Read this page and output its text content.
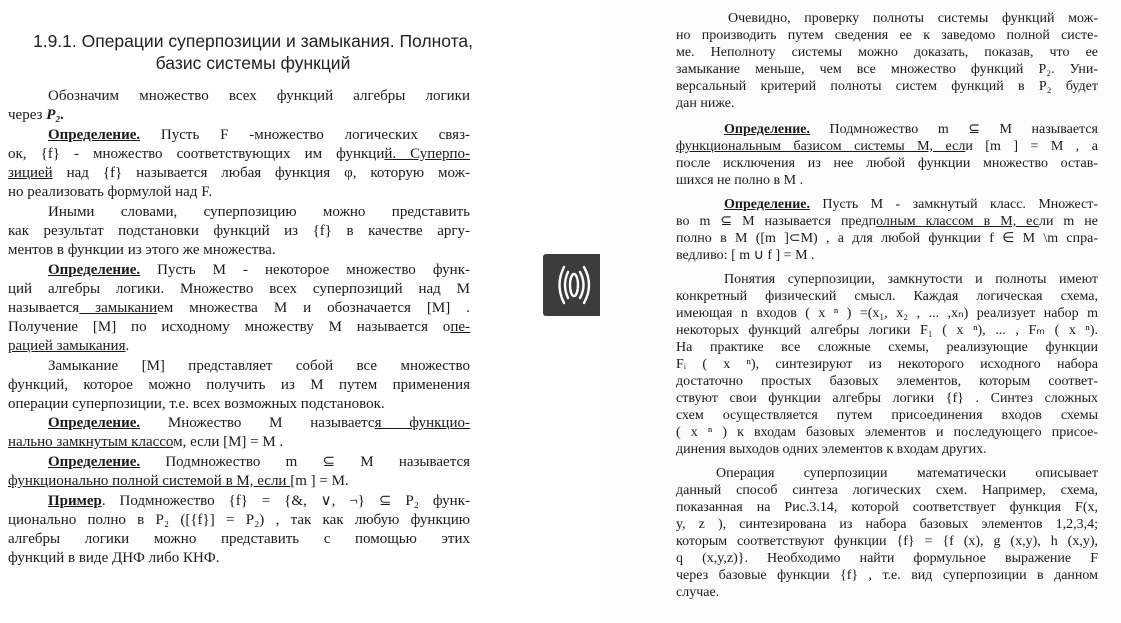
1.9.1. Операции суперпозиции и замыкания. Полнота,
базис системы функций
Обозначим множество всех функций алгебры логики
через P₂.
Определение. Пусть F -множество логических связ-
ок, {f} - множество соответствующих им функций. Суперпо-
зицией над {f} называется любая функция φ, которую мож-
но реализовать формулой над F.
Иными словами, суперпозицию можно представить
как результат подстановки функций из {f} в качестве аргу-
ментов в функции из этого же множества.
Определение. Пусть M - некоторое множество функ-
ций алгебры логики. Множество всех суперпозиций над M
называется замыканием множества M и обозначается [M] .
Получение [M] по исходному множеству M называется опе-
рацией замыкания.
Замыкание [M] представляет собой все множество
функций, которое можно получить из M путем применения
операции суперпозиции, т.е. всех возможных подстановок.
Определение. Множество M называется функцио-
нально замкнутым классом, если [M] = M .
Определение. Подмножество m ⊆ M называется
функционально полной системой в M, если [m ] = M.
Пример. Подмножество {f} = {&, ∨, ¬} ⊆ P₂ функ-
ционально полно в P₂ ([{f}] = P₂) , так как любую функцию
алгебры логики можно представить с помощью этих
функций в виде ДНФ либо КНФ.
Очевидно, проверку полноты системы функций мож-
но производить путем сведения ее к заведомо полной систе-
ме. Неполноту системы можно доказать, показав, что ее
замыкание меньше, чем все множество функций P₂. Уни-
версальный критерий полноты систем функций в P₂ будет
дан ниже.
Определение. Подмножество m ⊆ M называется
функциональным базисом системы M, если [m ] = M , а
после исключения из нее любой функции множество остав-
шихся не полно в M .
Определение. Пусть M - замкнутый класс. Множест-
во m ⊆ M называется предполным классом в M, если m не
полно в M ([m ]⊂M) , а для любой функции f ∈ M \m спра-
ведливо: [ m ∪ f ] = M .
Понятия суперпозиции, замкнутости и полноты имеют
конкретный физический смысл. Каждая логическая схема,
имеющая n входов ( x ⁿ ) =(x₁, x₂ , ... ,xₙ) реализует набор m
некоторых функций алгебры логики F₁ ( x ⁿ), ... , Fₘ ( x ⁿ).
На практике все сложные схемы, реализующие функции
Fᵢ ( x ⁿ), синтезируют из некоторого исходного набора
достаточно простых базовых элементов, которым соответ-
ствуют свои функции алгебры логики {f} . Синтез сложных
схем осуществляется путем присоединения входов схемы
( x ⁿ ) к входам базовых элементов и последующего присое-
динения выходов одних элементов к входам других.
Операция суперпозиции математически описывает
данный способ синтеза логических схем. Например, схема,
показанная на Рис.3.14, которой соответствует функция F(x,
y, z ), синтезирована из набора базовых элементов 1,2,3,4;
которым соответствуют функции {f} = {f (x), g (x,y), h (x,y),
q (x,y,z)}. Необходимо найти формульное выражение F
через базовые функции {f} , т.е. вид суперпозиции в данном
случае.
